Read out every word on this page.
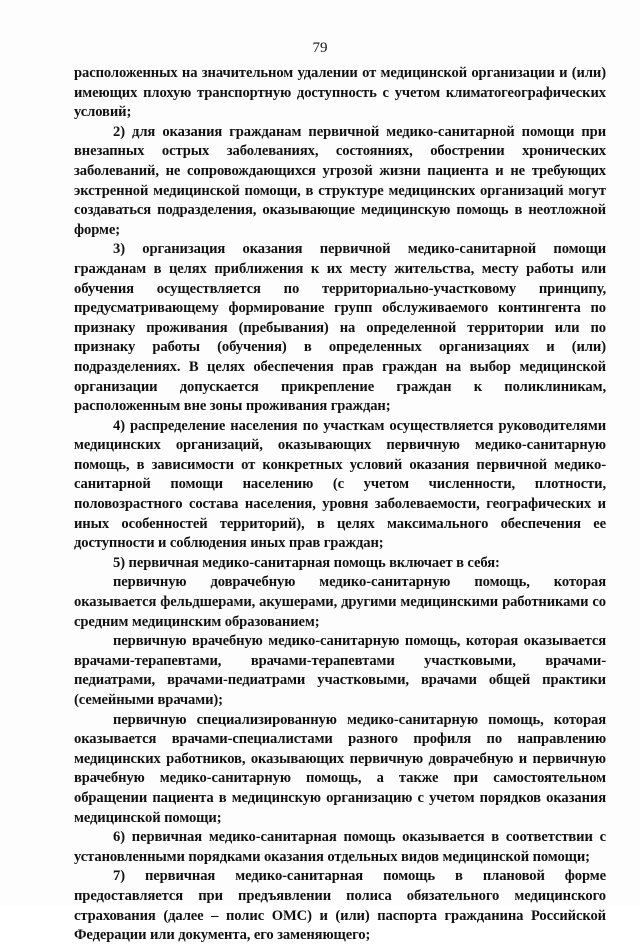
79

расположенных на значительном удалении от медицинской организации и (или) имеющих плохую транспортную доступность с учетом климатогеографических условий;

2) для оказания гражданам первичной медико-санитарной помощи при внезапных острых заболеваниях, состояниях, обострении хронических заболеваний, не сопровождающихся угрозой жизни пациента и не требующих экстренной медицинской помощи, в структуре медицинских организаций могут создаваться подразделения, оказывающие медицинскую помощь в неотложной форме;

3) организация оказания первичной медико-санитарной помощи гражданам в целях приближения к их месту жительства, месту работы или обучения осуществляется по территориально-участковому принципу, предусматривающему формирование групп обслуживаемого контингента по признаку проживания (пребывания) на определенной территории или по признаку работы (обучения) в определенных организациях и (или) подразделениях. В целях обеспечения прав граждан на выбор медицинской организации допускается прикрепление граждан к поликлиникам, расположенным вне зоны проживания граждан;

4) распределение населения по участкам осуществляется руководителями медицинских организаций, оказывающих первичную медико-санитарную помощь, в зависимости от конкретных условий оказания первичной медико-санитарной помощи населению (с учетом численности, плотности, половозрастного состава населения, уровня заболеваемости, географических и иных особенностей территорий), в целях максимального обеспечения ее доступности и соблюдения иных прав граждан;

5) первичная медико-санитарная помощь включает в себя:

первичную доврачебную медико-санитарную помощь, которая оказывается фельдшерами, акушерами, другими медицинскими работниками со средним медицинским образованием;

первичную врачебную медико-санитарную помощь, которая оказывается врачами-терапевтами, врачами-терапевтами участковыми, врачами-педиатрами, врачами-педиатрами участковыми, врачами общей практики (семейными врачами);

первичную специализированную медико-санитарную помощь, которая оказывается врачами-специалистами разного профиля по направлению медицинских работников, оказывающих первичную доврачебную и первичную врачебную медико-санитарную помощь, а также при самостоятельном обращении пациента в медицинскую организацию с учетом порядков оказания медицинской помощи;

6) первичная медико-санитарная помощь оказывается в соответствии с установленными порядками оказания отдельных видов медицинской помощи;

7) первичная медико-санитарная помощь в плановой форме предоставляется при предъявлении полиса обязательного медицинского страхования (далее – полис ОМС) и (или) паспорта гражданина Российской Федерации или документа, его заменяющего;
